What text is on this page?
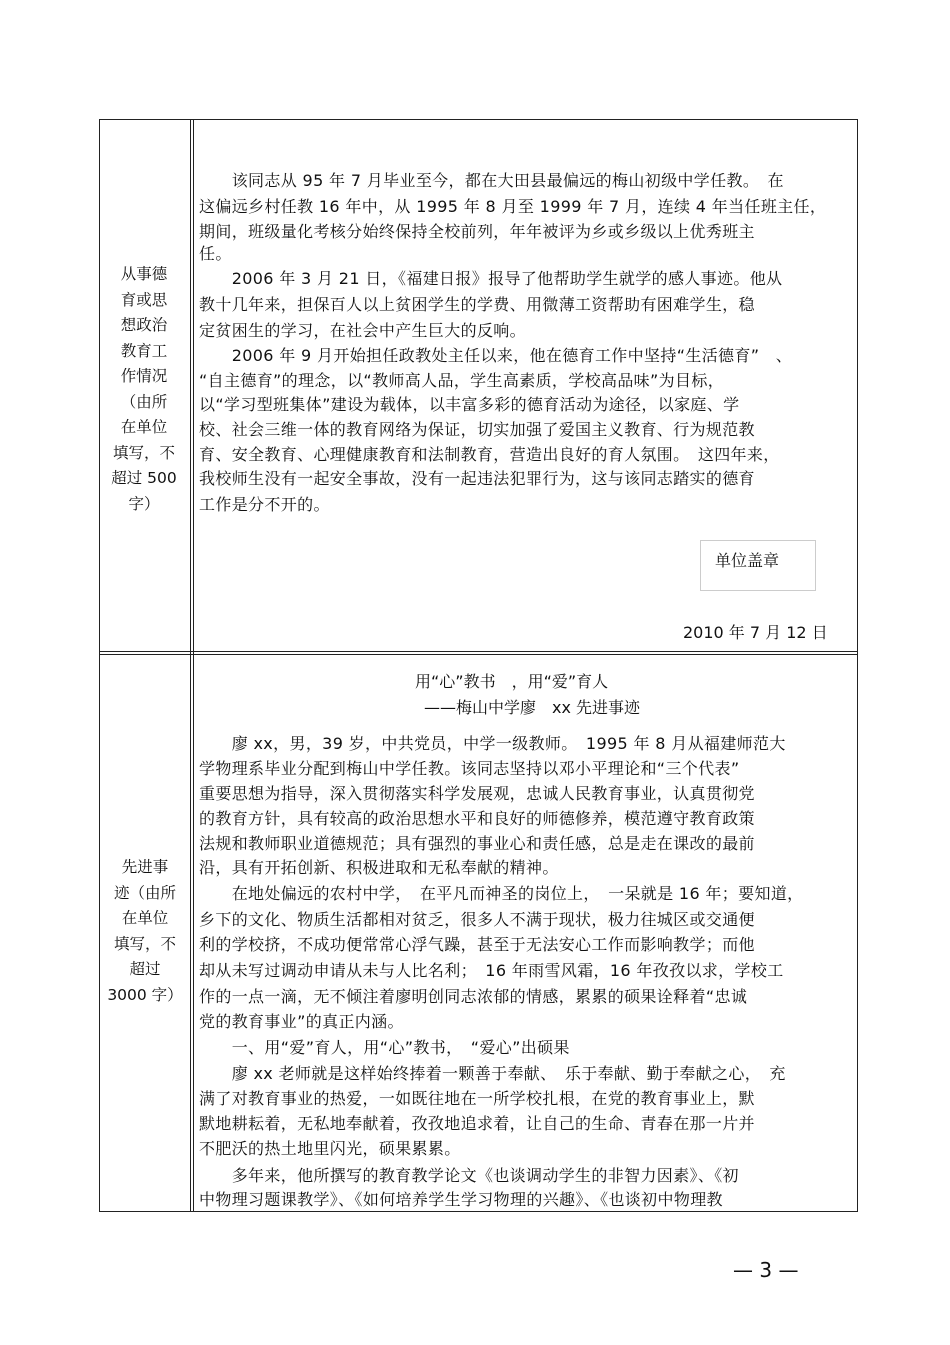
从事德
育或思
想政治
教育工
作情况
（由所
在单位
填写，不
超过 500
字）
　　该同志从 95 年 7 月毕业至今，都在大田县最偏远的梅山初级中学任教。　在
这偏远乡村任教 16 年中，从 1995 年 8 月至 1999 年 7 月，连续 4 年当任班主任，
期间，班级量化考核分始终保持全校前列，年年被评为乡或乡级以上优秀班主
任。
　　2006 年 3 月 21 日，《福建日报》报导了他帮助学生就学的感人事迹。他从
教十几年来，担保百人以上贫困学生的学费、用微薄工资帮助有困难学生，稳
定贫困生的学习，在社会中产生巨大的反响。
　　2006 年 9 月开始担任政教处主任以来，他在德育工作中坚持“生活德育”　、
“自主德育”的理念，以“教师高人品，学生高素质，学校高品味”为目标，
以“学习型班集体”建设为载体，以丰富多彩的德育活动为途径，以家庭、学
校、社会三维一体的教育网络为保证，切实加强了爱国主义教育、行为规范教
育、安全教育、心理健康教育和法制教育，营造出良好的育人氛围。　这四年来，
我校师生没有一起安全事故，没有一起违法犯罪行为，这与该同志踏实的德育
工作是分不开的。
单位盖章
2010 年 7 月 12 日
先进事
迹（由所
在单位
填写，不
超过
3000 字）
用“心”教书　，用“爱”育人
——梅山中学廖　xx 先进事迹
　　廖 xx，男，39 岁，中共党员，中学一级教师。　1995 年 8 月从福建师范大
学物理系毕业分配到梅山中学任教。该同志坚持以邓小平理论和“三个代表”
重要思想为指导，深入贯彻落实科学发展观，忠诚人民教育事业，认真贯彻党
的教育方针，具有较高的政治思想水平和良好的师德修养，模范遵守教育政策
法规和教师职业道德规范；具有强烈的事业心和责任感，总是走在课改的最前
沿，具有开拓创新、积极进取和无私奉献的精神。
　　在地处偏远的农村中学，　在平凡而神圣的岗位上，　一呆就是 16 年；要知道，
乡下的文化、物质生活都相对贫乏，很多人不满于现状，极力往城区或交通便
利的学校挤，不成功便常常心浮气躁，甚至于无法安心工作而影响教学；而他
却从未写过调动申请从未与人比名利；　16 年雨雪风霜，16 年孜孜以求，学校工
作的一点一滴，无不倾注着廖明创同志浓郁的情感，累累的硕果诠释着“忠诚
党的教育事业”的真正内涵。
　　一、用“爱”育人，用“心”教书，　“爱心”出硕果
　　廖 xx 老师就是这样始终捧着一颗善于奉献、　乐于奉献、勤于奉献之心，　充
满了对教育事业的热爱，一如既往地在一所学校扎根，在党的教育事业上，默
默地耕耘着，无私地奉献着，孜孜地追求着，让自己的生命、青春在那一片并
不肥沃的热土地里闪光，硕果累累。
　　多年来，他所撰写的教育教学论文《也谈调动学生的非智力因素》、《初
中物理习题课教学》、《如何培养学生学习物理的兴趣》、《也谈初中物理教
— 3 —
